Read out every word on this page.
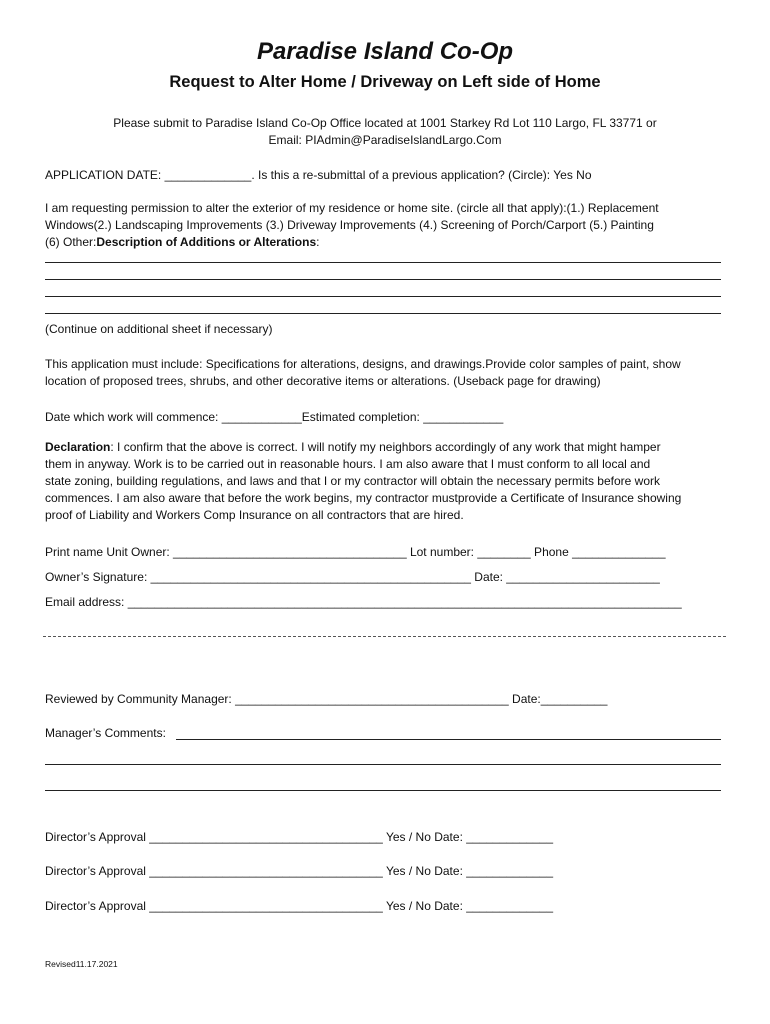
Paradise Island Co-Op
Request to Alter Home / Driveway on Left side of Home
Please submit to Paradise Island Co-Op Office located at 1001 Starkey Rd Lot 110 Largo, FL 33771 or
Email: PIAdmin@ParadiseIslandLargo.Com
APPLICATION DATE: _____________. Is this a re-submittal of a previous application? (Circle): Yes No
I am requesting permission to alter the exterior of my residence or home site. (circle all that apply):(1.) Replacement
Windows(2.) Landscaping Improvements (3.) Driveway Improvements (4.) Screening of Porch/Carport (5.) Painting
(6) Other:Description of Additions or Alterations:
(Continue on additional sheet if necessary)
This application must include: Specifications for alterations, designs, and drawings.Provide color samples of paint, show
location of proposed trees, shrubs, and other decorative items or alterations. (Useback page for drawing)
Date which work will commence: ____________Estimated completion: ____________
Declaration: I confirm that the above is correct. I will notify my neighbors accordingly of any work that might hamper
them in anyway. Work is to be carried out in reasonable hours. I am also aware that I must conform to all local and
state zoning, building regulations, and laws and that I or my contractor will obtain the necessary permits before work
commences. I am also aware that before the work begins, my contractor mustprovide a Certificate of Insurance showing
proof of Liability and Workers Comp Insurance on all contractors that are hired.
Print name Unit Owner: ___________________________________ Lot number: ________ Phone ______________
Owner’s Signature: ________________________________________________ Date: _______________________
Email address: ___________________________________________________________________________________
Reviewed by Community Manager: _________________________________________ Date:__________
Manager’s Comments:
Director’s Approval ___________________________________ Yes / No Date: _____________
Director’s Approval ___________________________________ Yes / No Date: _____________
Director’s Approval ___________________________________ Yes / No Date: _____________
Revised11.17.2021
